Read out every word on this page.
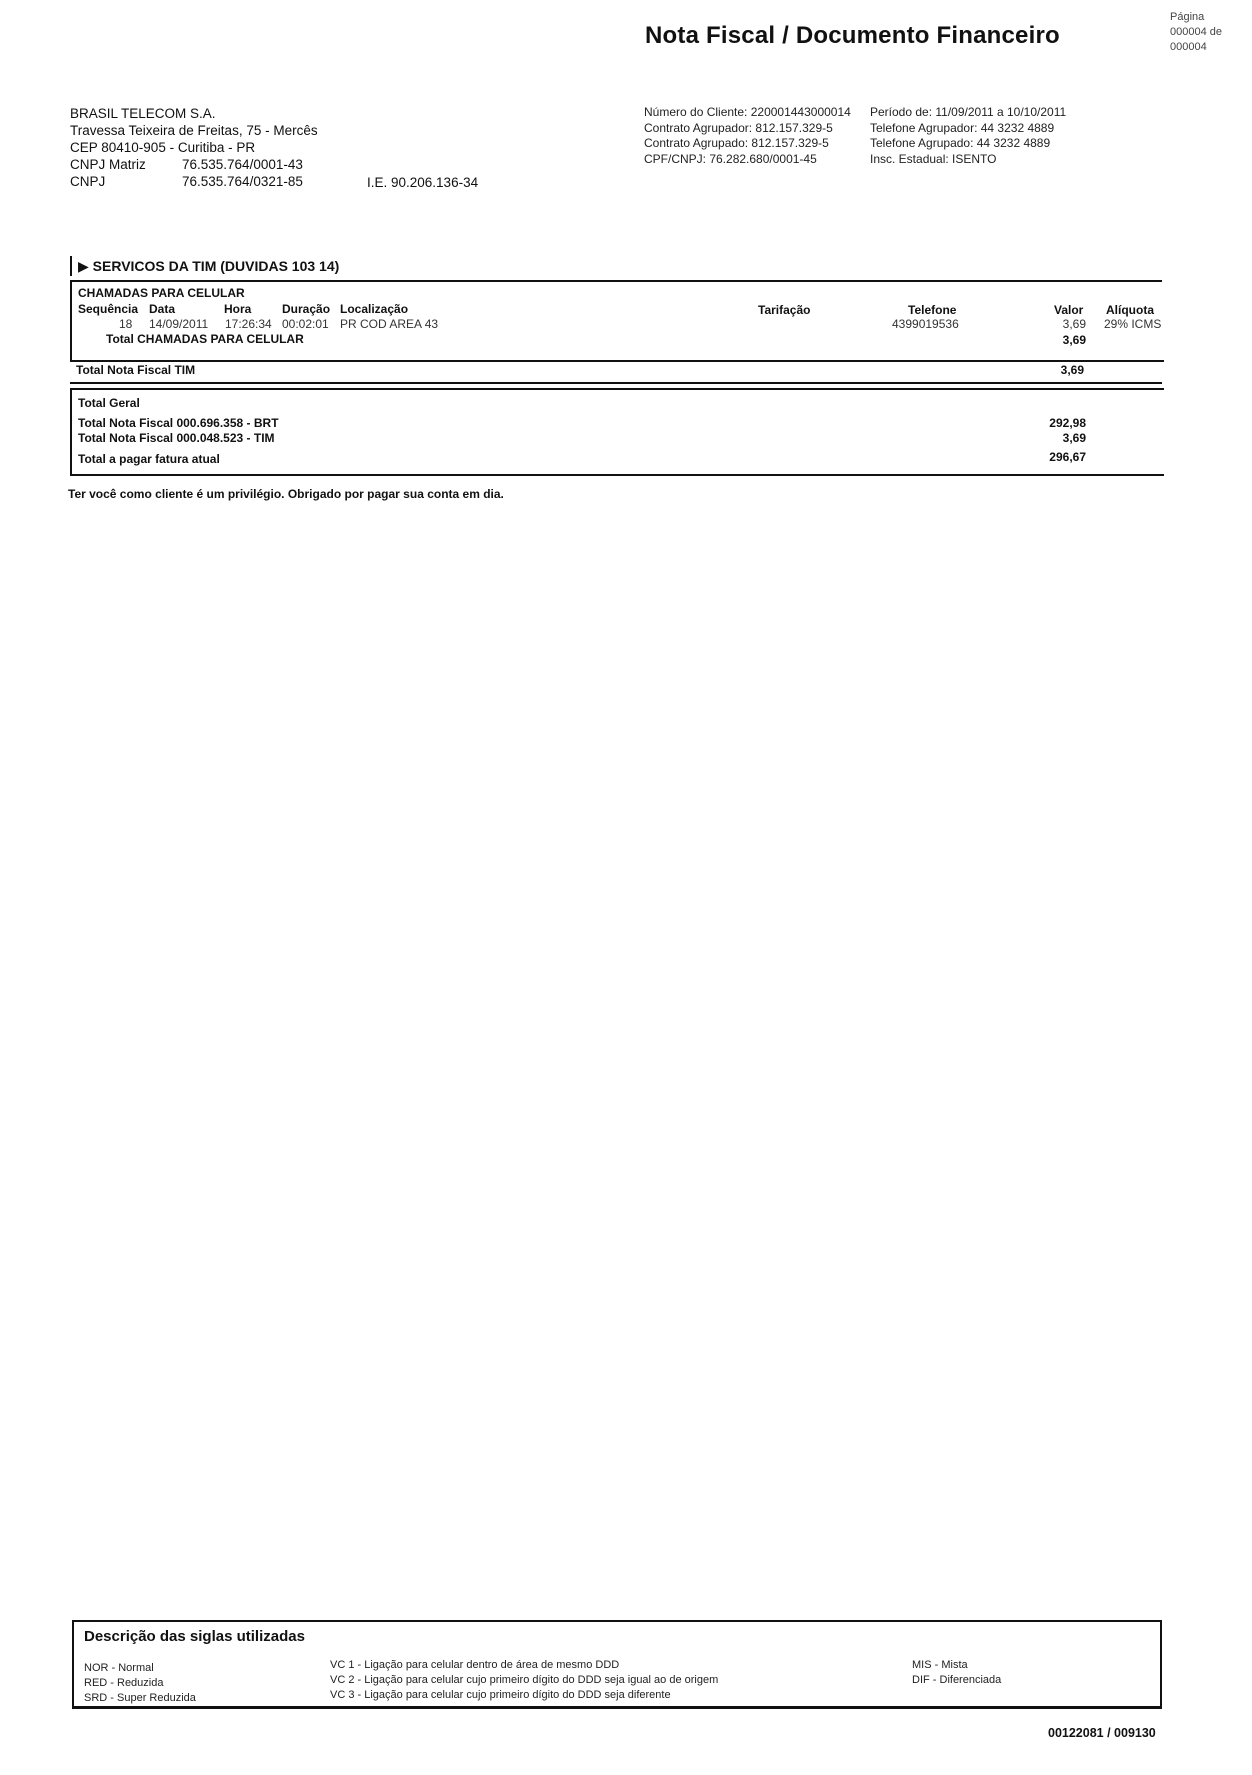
Nota Fiscal / Documento Financeiro
Página
000004 de
000004
BRASIL TELECOM S.A.
Travessa Teixeira de Freitas, 75 - Mercês
CEP 80410-905 - Curitiba - PR
CNPJ Matriz	76.535.764/0001-43
CNPJ	76.535.764/0321-85	I.E. 90.206.136-34
Número do Cliente: 220001443000014
Contrato Agrupador: 812.157.329-5
Contrato Agrupado: 812.157.329-5
CPF/CNPJ: 76.282.680/0001-45
Período de: 11/09/2011 a 10/10/2011
Telefone Agrupador: 44 3232 4889
Telefone Agrupado: 44 3232 4889
Insc. Estadual: ISENTO
▶ SERVICOS DA TIM (DUVIDAS 103 14)
CHAMADAS PARA CELULAR
Sequência Data	Hora	Duração Localização	Tarifação	Telefone	Valor Alíquota
18 14/09/2011 17:26:34 00:02:01 PR COD AREA 43	4399019536	3,69 29% ICMS
Total CHAMADAS PARA CELULAR	3,69
Total Nota Fiscal TIM	3,69
Total Geral
Total Nota Fiscal 000.696.358 - BRT	292,98
Total Nota Fiscal 000.048.523 - TIM	3,69
Total a pagar fatura atual	296,67
Ter você como cliente é um privilégio. Obrigado por pagar sua conta em dia.
Descrição das siglas utilizadas
NOR - Normal
RED - Reduzida
SRD - Super Reduzida
VC 1 - Ligação para celular dentro de área de mesmo DDD
VC 2 - Ligação para celular cujo primeiro dígito do DDD seja igual ao de origem
VC 3 - Ligação para celular cujo primeiro dígito do DDD seja diferente
MIS - Mista
DIF - Diferenciada
00122081 / 009130
